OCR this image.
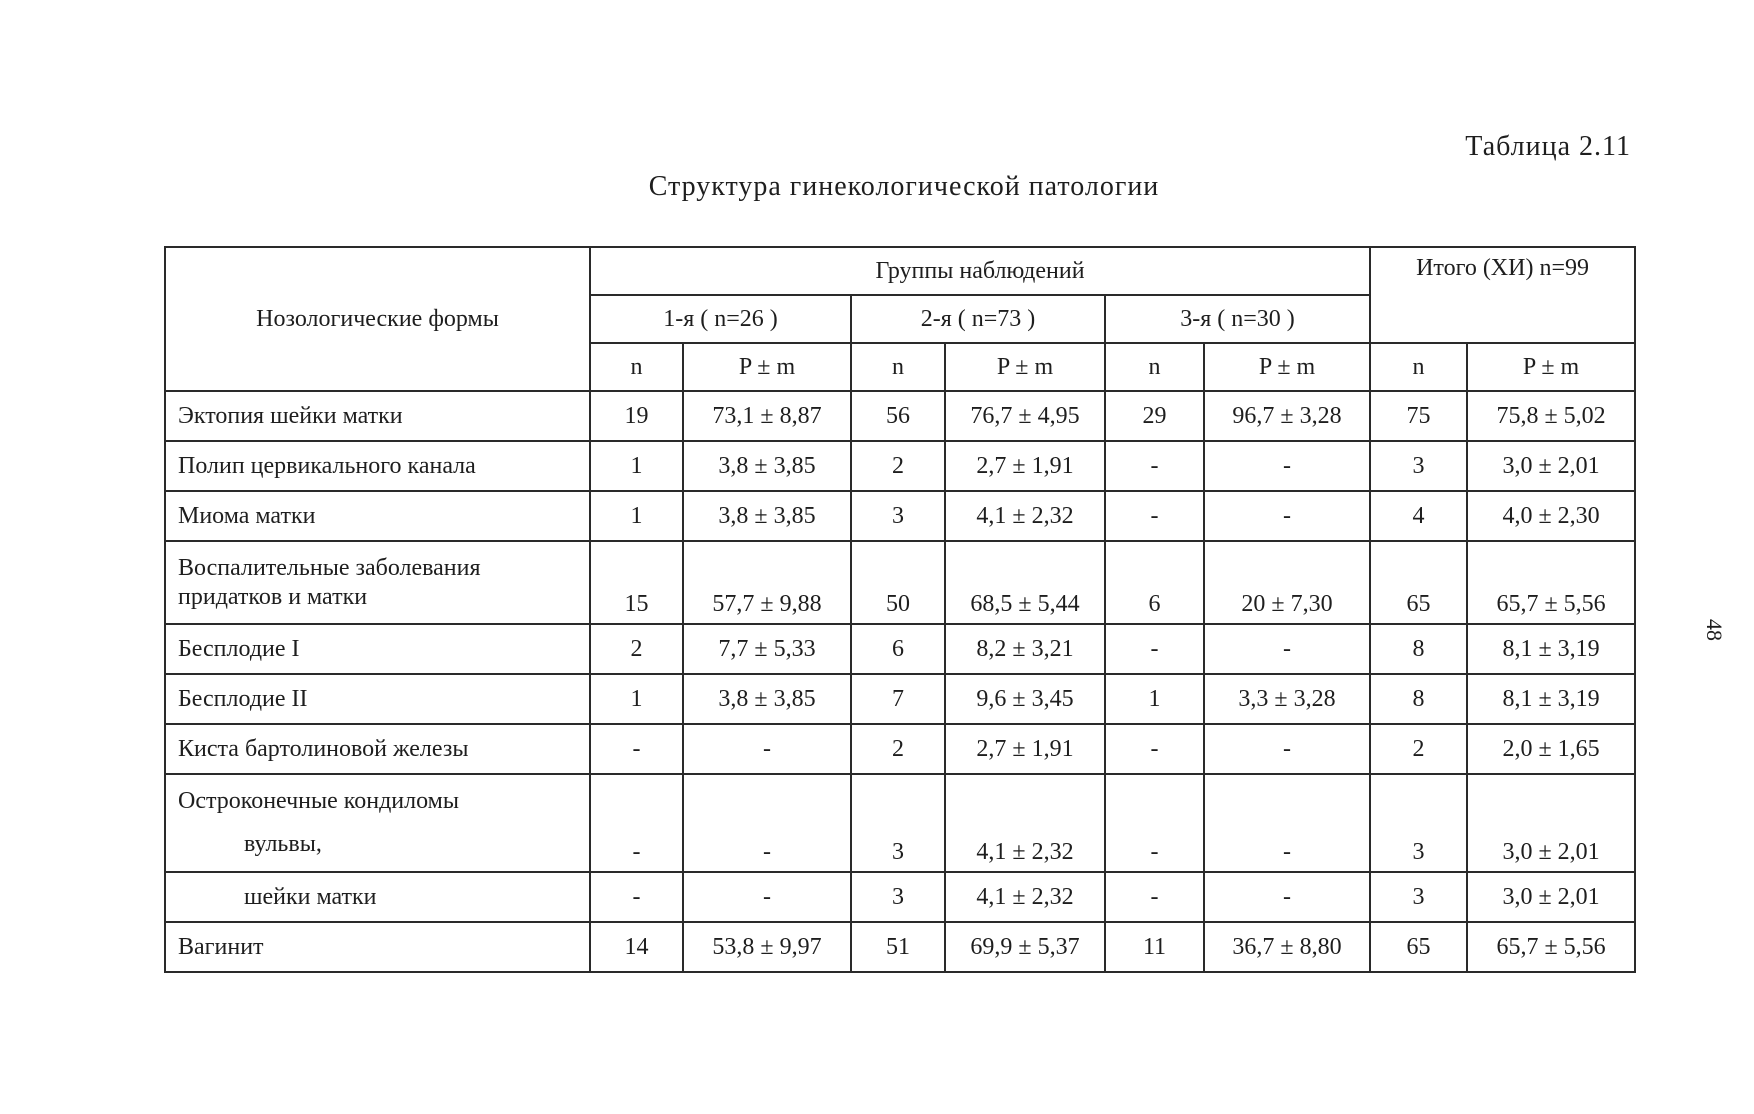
Таблица 2.11
Структура гинекологической патологии
48
Нозологические формы	Группы наблюдений						Итого (ХИ) n=99	
	1-я ( n=26 )		2-я ( n=73 )		3-я ( n=30 )			
	n	P ± m	n	P ± m	n	P ± m	n	P ± m
Эктопия шейки матки	19	73,1 ± 8,87	56	76,7 ± 4,95	29	96,7 ± 3,28	75	75,8 ± 5,02
Полип цервикального канала	1	3,8 ± 3,85	2	2,7 ± 1,91	-	-	3	3,0 ± 2,01
Миома матки	1	3,8 ± 3,85	3	4,1 ± 2,32	-	-	4	4,0 ± 2,30

Воспалительные заболевания
придатков и матки	15	57,7 ± 9,88	50	68,5 ± 5,44	6	20 ± 7,30	65	65,7 ± 5,56
Бесплодие I	2	7,7 ± 5,33	6	8,2 ± 3,21	-	-	8	8,1 ± 3,19
Бесплодие II	1	3,8 ± 3,85	7	9,6 ± 3,45	1	3,3 ± 3,28	8	8,1 ± 3,19
Киста бартолиновой железы	-	-	2	2,7 ± 1,91	-	-	2	2,0 ± 1,65

Остроконечные кондиломы
вульвы,	-	-	3	4,1 ± 2,32	-	-	3	3,0 ± 2,01

шейки матки	-	-	3	4,1 ± 2,32	-	-	3	3,0 ± 2,01
Вагинит	14	53,8 ± 9,97	51	69,9 ± 5,37	11	36,7 ± 8,80	65	65,7 ± 5,56
